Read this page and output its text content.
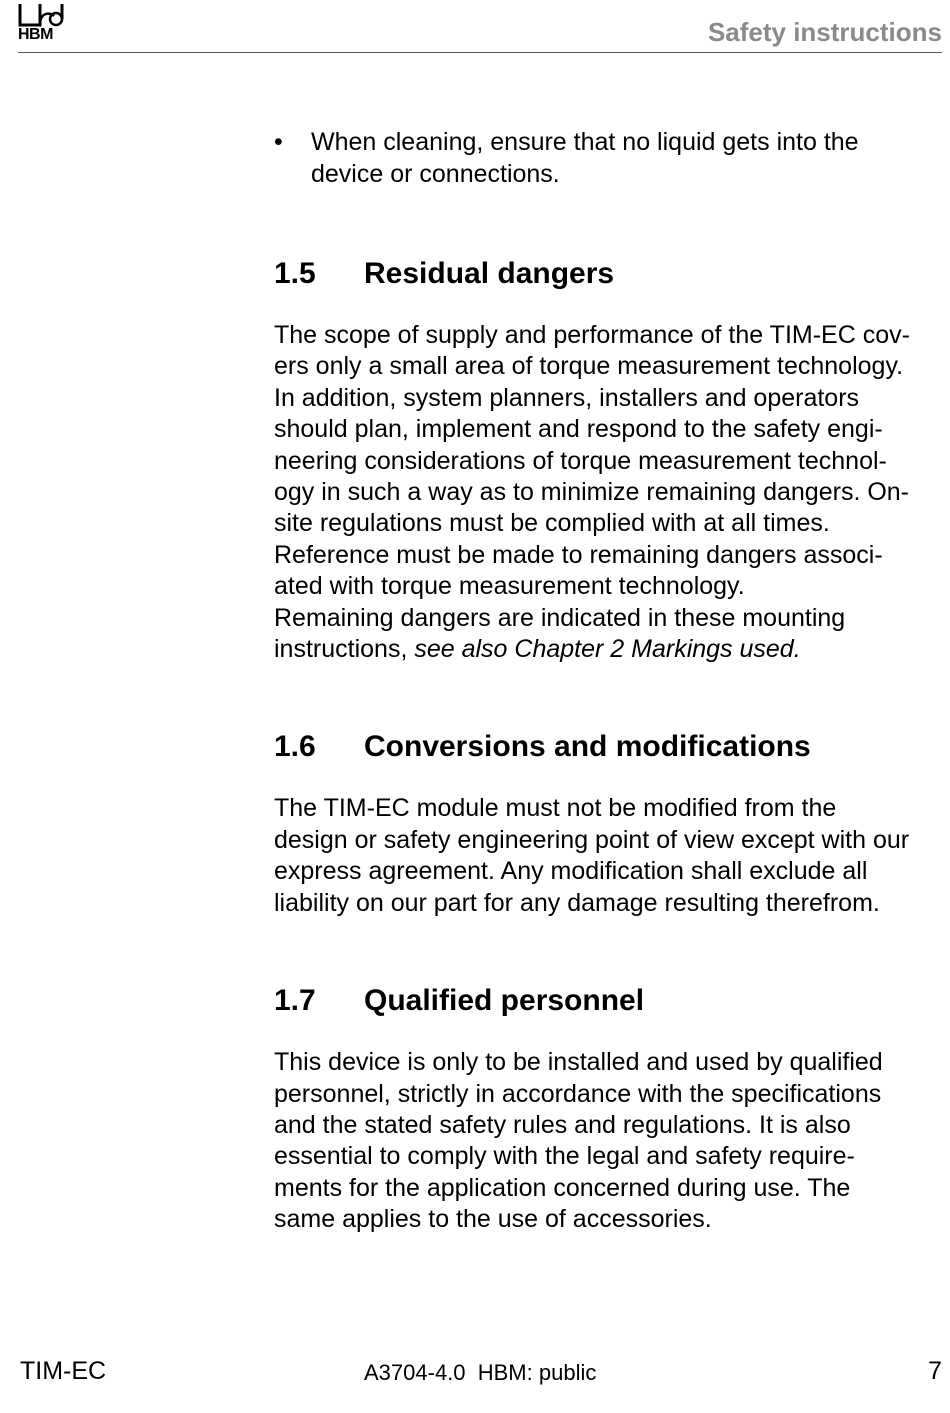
HBM	Safety instructions
• When cleaning, ensure that no liquid gets into the
device or connections.
1.5 Residual dangers

The scope of supply and performance of the TIM-EC cov-
ers only a small area of torque measurement technology.
In addition, system planners, installers and operators
should plan, implement and respond to the safety engi-
neering considerations of torque measurement technol-
ogy in such a way as to minimize remaining dangers. On-
site regulations must be complied with at all times.
Reference must be made to remaining dangers associ-
ated with torque measurement technology.
Remaining dangers are indicated in these mounting
instructions, see also Chapter 2 Markings used.

1.6 Conversions and modifications

The TIM-EC module must not be modified from the
design or safety engineering point of view except with our
express agreement. Any modification shall exclude all
liability on our part for any damage resulting therefrom.

1.7 Qualified personnel

This device is only to be installed and used by qualified
personnel, strictly in accordance with the specifications
and the stated safety rules and regulations. It is also
essential to comply with the legal and safety require-
ments for the application concerned during use. The
same applies to the use of accessories.

TIM-EC	A3704-4.0  HBM: public	7
